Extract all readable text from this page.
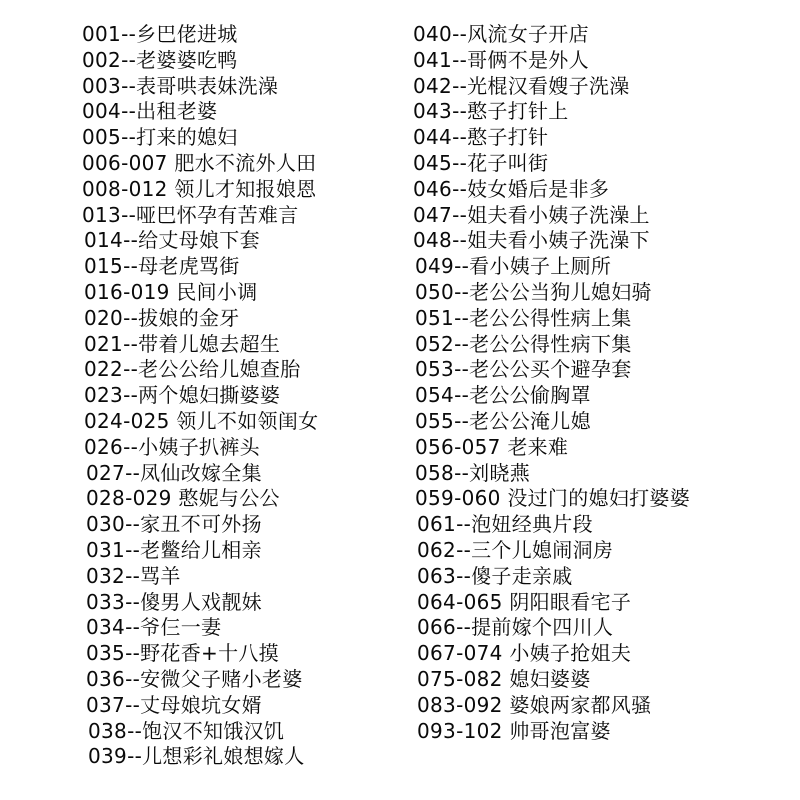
001--乡巴佬进城
002--老婆婆吃鸭
003--表哥哄表妹洗澡
004--出租老婆
005--打来的媳妇
006-007 肥水不流外人田
008-012 领儿才知报娘恩
013--哑巴怀孕有苦难言
014--给丈母娘下套
015--母老虎骂街
016-019 民间小调
020--拔娘的金牙
021--带着儿媳去超生
022--老公公给儿媳查胎
023--两个媳妇撕婆婆
024-025 领儿不如领闺女
026--小姨子扒裤头
027--凤仙改嫁全集
028-029 憨妮与公公
030--家丑不可外扬
031--老鳖给儿相亲
032--骂羊
033--傻男人戏靓妹
034--爷仨一妻
035--野花香+十八摸
036--安微父子赌小老婆
037--丈母娘坑女婿
038--饱汉不知饿汉饥
039--儿想彩礼娘想嫁人
040--风流女子开店
041--哥俩不是外人
042--光棍汉看嫂子洗澡
043--憨子打针上
044--憨子打针
045--花子叫街
046--妓女婚后是非多
047--姐夫看小姨子洗澡上
048--姐夫看小姨子洗澡下
049--看小姨子上厕所
050--老公公当狗儿媳妇骑
051--老公公得性病上集
052--老公公得性病下集
053--老公公买个避孕套
054--老公公偷胸罩
055--老公公淹儿媳
056-057 老来难
058--刘晓燕
059-060 没过门的媳妇打婆婆
061--泡妞经典片段
062--三个儿媳闹洞房
063--傻子走亲戚
064-065 阴阳眼看宅子
066--提前嫁个四川人
067-074 小姨子抢姐夫
075-082 媳妇婆婆
083-092 婆娘两家都风骚
093-102 帅哥泡富婆
